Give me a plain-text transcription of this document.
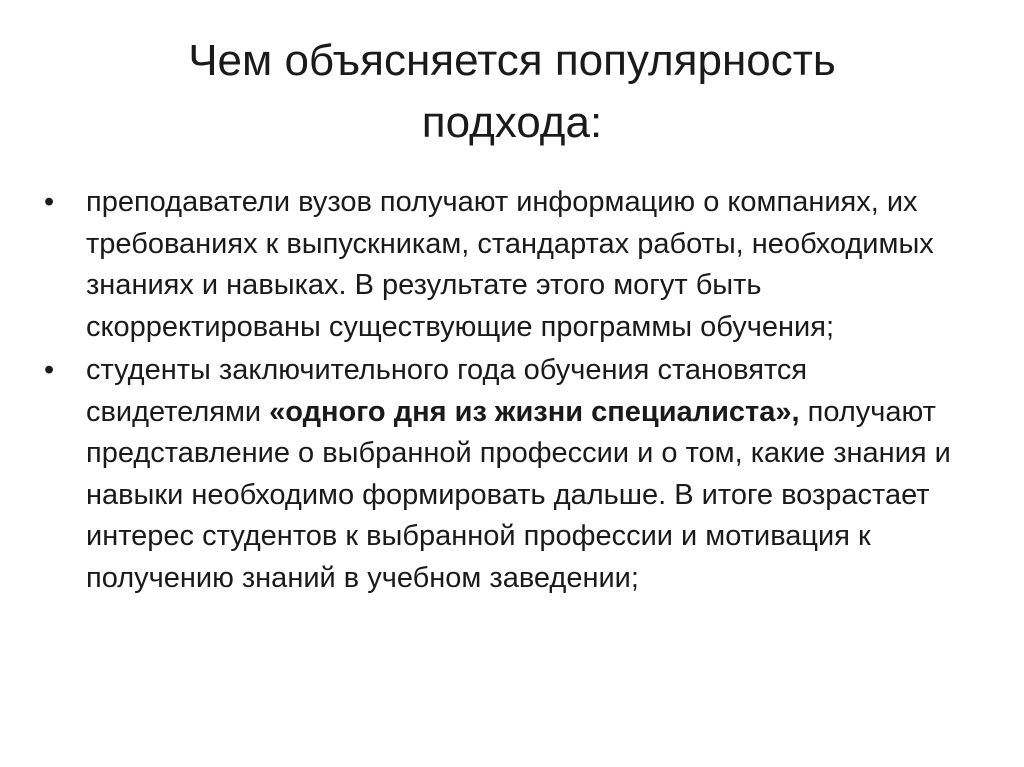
Чем объясняется популярность
подхода:
• преподаватели вузов получают информацию о компаниях, их требованиях к выпускникам, стандартах работы, необходимых знаниях и навыках. В результате этого могут быть скорректированы существующие программы обучения;
• студенты заключительного года обучения становятся свидетелями «одного дня из жизни специалиста», получают представление о выбранной профессии и о том, какие знания и навыки необходимо формировать дальше. В итоге возрастает интерес студентов к выбранной профессии и мотивация к получению знаний в учебном заведении;
